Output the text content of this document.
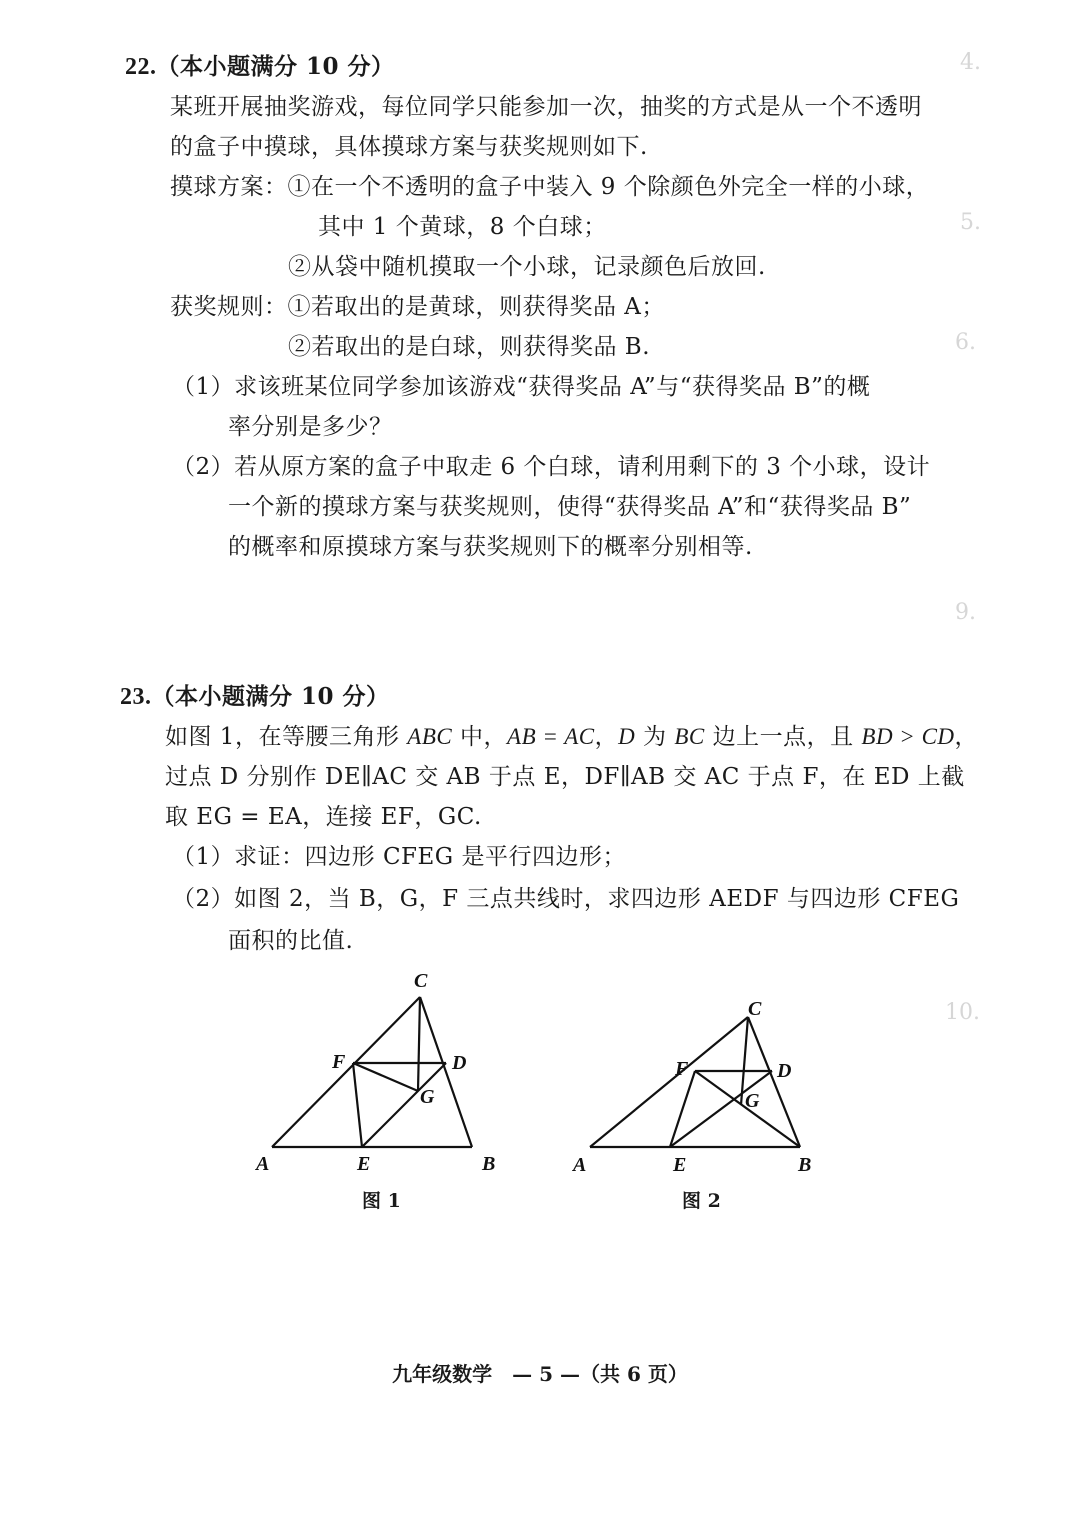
4.
5.
6.
9.
10.
22.（本小题满分 10 分）
某班开展抽奖游戏，每位同学只能参加一次，抽奖的方式是从一个不透明
的盒子中摸球，具体摸球方案与获奖规则如下.
摸球方案：①在一个不透明的盒子中装入 9 个除颜色外完全一样的小球，
其中 1 个黄球，8 个白球；
②从袋中随机摸取一个小球，记录颜色后放回.
获奖规则：①若取出的是黄球，则获得奖品 A；
②若取出的是白球，则获得奖品 B.
（1）求该班某位同学参加该游戏“获得奖品 A”与“获得奖品 B”的概
率分别是多少？
（2）若从原方案的盒子中取走 6 个白球，请利用剩下的 3 个小球，设计
一个新的摸球方案与获奖规则，使得“获得奖品 A”和“获得奖品 B”
的概率和原摸球方案与获奖规则下的概率分别相等.
23.（本小题满分 10 分）
如图 1，在等腰三角形 ABC 中，AB = AC，D 为 BC 边上一点，且 BD > CD，
过点 D 分别作 DE∥AC 交 AB 于点 E，DF∥AB 交 AC 于点 F，在 ED 上截
取 EG = EA，连接 EF，GC.
（1）求证：四边形 CFEG 是平行四边形；
（2）如图 2，当 B，G，F 三点共线时，求四边形 AEDF 与四边形 CFEG
面积的比值.
C
F	D
G
A	E	B
图 1
C
F	D
G
A	E	B
图 2
九年级数学　— 5 —（共 6 页）
